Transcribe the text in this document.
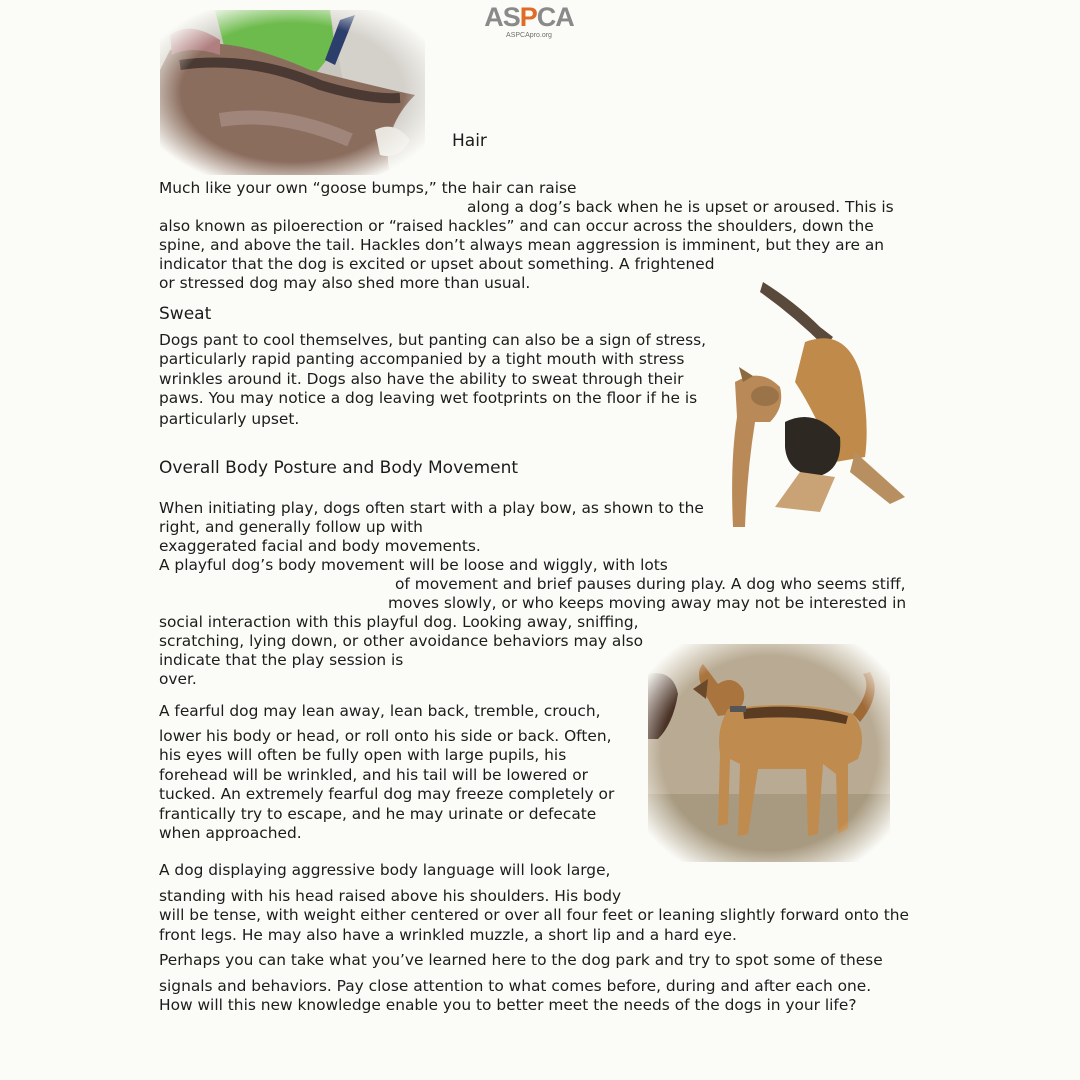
ASPCA
ASPCApro.org
Hair
Much like your own “goose bumps,” the hair can raise
along a dog’s back when he is upset or aroused. This is
also known as piloerection or “raised hackles” and can occur across the shoulders, down the
spine, and above the tail. Hackles don’t always mean aggression is imminent, but they are an
indicator that the dog is excited or upset about something. A frightened
or stressed dog may also shed more than usual.
Sweat
Dogs pant to cool themselves, but panting can also be a sign of stress,
particularly rapid panting accompanied by a tight mouth with stress
wrinkles around it. Dogs also have the ability to sweat through their
paws. You may notice a dog leaving wet footprints on the floor if he is
particularly upset.
Overall Body Posture and Body Movement
When initiating play, dogs often start with a play bow, as shown to the
right, and generally follow up with
exaggerated facial and body movements.
A playful dog’s body movement will be loose and wiggly, with lots
of movement and brief pauses during play. A dog who seems stiff,
moves slowly, or who keeps moving away may not be interested in
social interaction with this playful dog. Looking away, sniffing,
scratching, lying down, or other avoidance behaviors may also
indicate that the play session is
over.
A fearful dog may lean away, lean back, tremble, crouch,
lower his body or head, or roll onto his side or back. Often,
his eyes will often be fully open with large pupils, his
forehead will be wrinkled, and his tail will be lowered or
tucked. An extremely fearful dog may freeze completely or
frantically try to escape, and he may urinate or defecate
when approached.
A dog displaying aggressive body language will look large,
standing with his head raised above his shoulders. His body
will be tense, with weight either centered or over all four feet or leaning slightly forward onto the
front legs. He may also have a wrinkled muzzle, a short lip and a hard eye.
Perhaps you can take what you’ve learned here to the dog park and try to spot some of these
signals and behaviors. Pay close attention to what comes before, during and after each one.
How will this new knowledge enable you to better meet the needs of the dogs in your life?
